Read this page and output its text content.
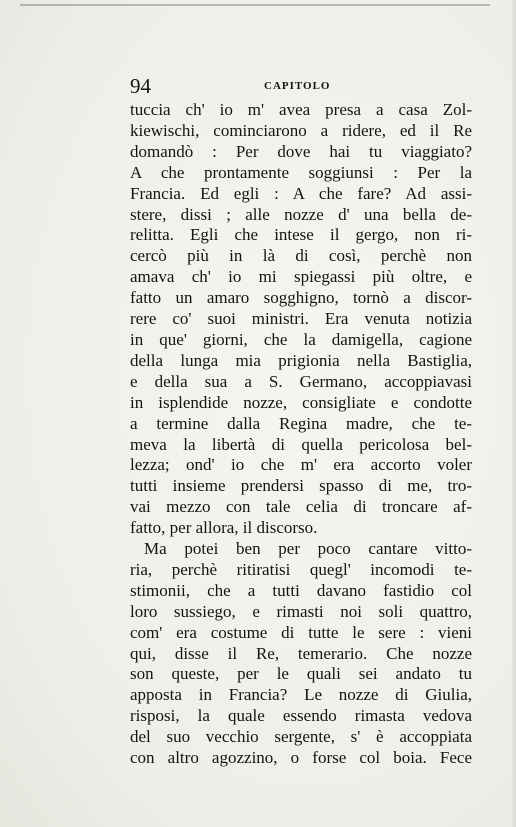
94	CAPITOLO
tuccia ch' io m' avea presa a casa Zol-
kiewischi, cominciarono a ridere, ed il Re
domandò : Per dove hai tu viaggiato?
A che prontamente soggiunsi : Per la
Francia. Ed egli : A che fare? Ad assi-
stere, dissi ; alle nozze d' una bella de-
relitta. Egli che intese il gergo, non ri-
cercò più in là di così, perchè non
amava ch' io mi spiegassi più oltre, e
fatto un amaro sogghigno, tornò a discor-
rere co' suoi ministri. Era venuta notizia
in que' giorni, che la damigella, cagione
della lunga mia prigionia nella Bastiglia,
e della sua a S. Germano, accoppiavasi
in isplendide nozze, consigliate e condotte
a termine dalla Regina madre, che te-
meva la libertà di quella pericolosa bel-
lezza; ond' io che m' era accorto voler
tutti insieme prendersi spasso di me, tro-
vai mezzo con tale celia di troncare af-
fatto, per allora, il discorso.
Ma potei ben per poco cantare vitto-
ria, perchè ritiratisi quegl' incomodi te-
stimonii, che a tutti davano fastidio col
loro sussiego, e rimasti noi soli quattro,
com' era costume di tutte le sere : vieni
qui, disse il Re, temerario. Che nozze
son queste, per le quali sei andato tu
apposta in Francia? Le nozze di Giulia,
risposi, la quale essendo rimasta vedova
del suo vecchio sergente, s' è accoppiata
con altro agozzino, o forse col boia. Fece
